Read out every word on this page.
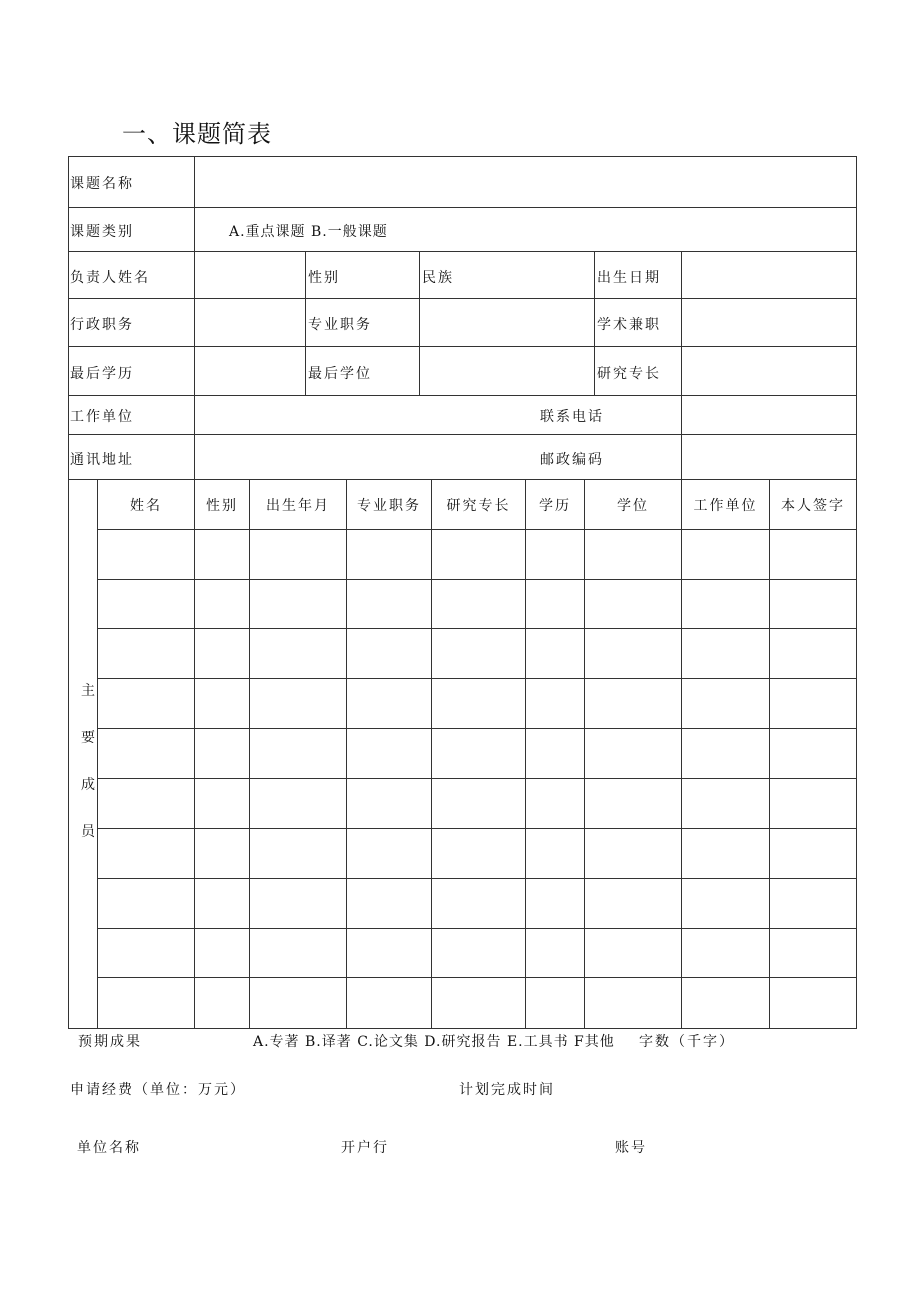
一、课题简表
课题名称
课题类别	A.重点课题 B.一般课题
负责人姓名	性别	民族	出生日期
行政职务	专业职务	学术兼职
最后学历	最后学位	研究专长
工作单位	联系电话
通讯地址	邮政编码
姓名	性别	出生年月	专业职务	研究专长	学历	学位	工作单位	本人签字
主
要
成
员
预期成果	A.专著 B.译著 C.论文集 D.研究报告 E.工具书 F其他 字数（千字）
申请经费（单位：万元）	计划完成时间
单位名称	开户行	账号
